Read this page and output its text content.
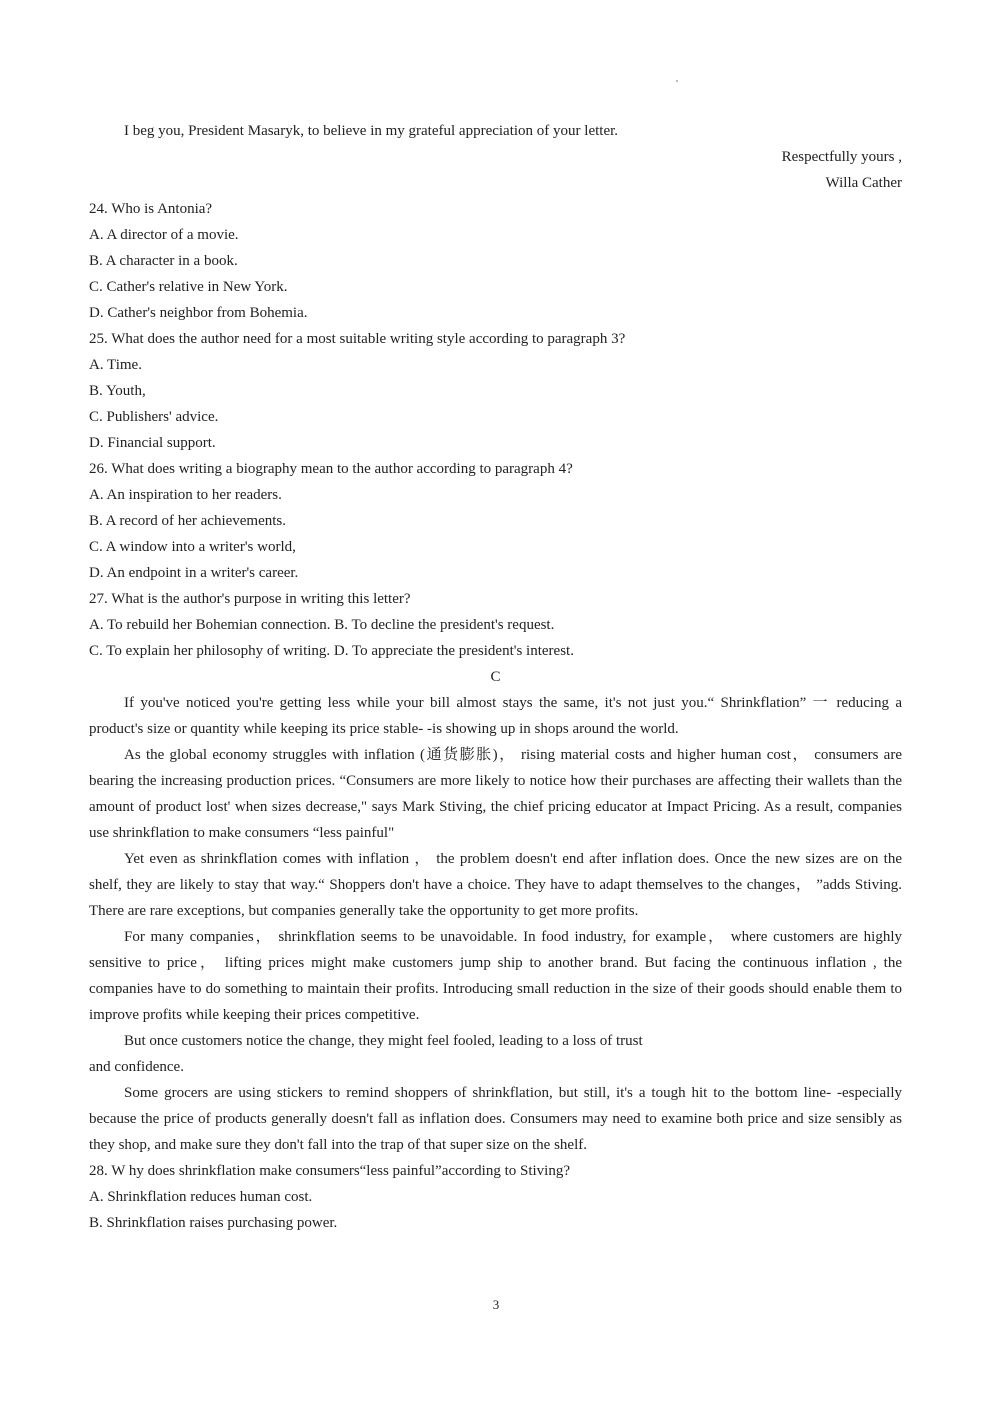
I beg you, President Masaryk, to believe in my grateful appreciation of your letter.
Respectfully yours ,
Willa Cather
24. Who is Antonia?
A. A director of a movie.
B. A character in a book.
C. Cather's relative in New York.
D. Cather's neighbor from Bohemia.
25. What does the author need for a most suitable writing style according to paragraph 3?
A. Time.
B. Youth,
C. Publishers' advice.
D. Financial support.
26. What does writing a biography mean to the author according to paragraph 4?
A. An inspiration to her readers.
B. A record of her achievements.
C. A window into a writer's world,
D. An endpoint in a writer's career.
27. What is the author's purpose in writing this letter?
A. To rebuild her Bohemian connection. B. To decline the president's request.
C. To explain her philosophy of writing. D. To appreciate the president's interest.
C
If you've noticed you're getting less while your bill almost stays the same, it's not just you.“ Shrinkflation” 一 reducing a product's size or quantity while keeping its price stable- -is showing up in shops around the world.
As the global economy struggles with inflation (通货膨胀)， rising material costs and higher human cost， consumers are bearing the increasing production prices. “Consumers are more likely to notice how their purchases are affecting their wallets than the amount of product lost' when sizes decrease," says Mark Stiving, the chief pricing educator at Impact Pricing. As a result, companies use shrinkflation to make consumers “less painful"
Yet even as shrinkflation comes with inflation ， the problem doesn't end after inflation does. Once the new sizes are on the shelf, they are likely to stay that way.“ Shoppers don't have a choice. They have to adapt themselves to the changes， ”adds Stiving. There are rare exceptions, but companies generally take the opportunity to get more profits.
For many companies， shrinkflation seems to be unavoidable. In food industry, for example， where customers are highly sensitive to price， lifting prices might make customers jump ship to another brand. But facing the continuous inflation , the companies have to do something to maintain their profits. Introducing small reduction in the size of their goods should enable them to improve profits while keeping their prices competitive.
But once customers notice the change, they might feel fooled, leading to a loss of trust
and confidence.
Some grocers are using stickers to remind shoppers of shrinkflation, but still, it's a tough hit to the bottom line- -especially because the price of products generally doesn't fall as inflation does. Consumers may need to examine both price and size sensibly as they shop, and make sure they don't fall into the trap of that super size on the shelf.
28. W hy does shrinkflation make consumers“less painful”according to Stiving?
A. Shrinkflation reduces human cost.
B. Shrinkflation raises purchasing power.
3
